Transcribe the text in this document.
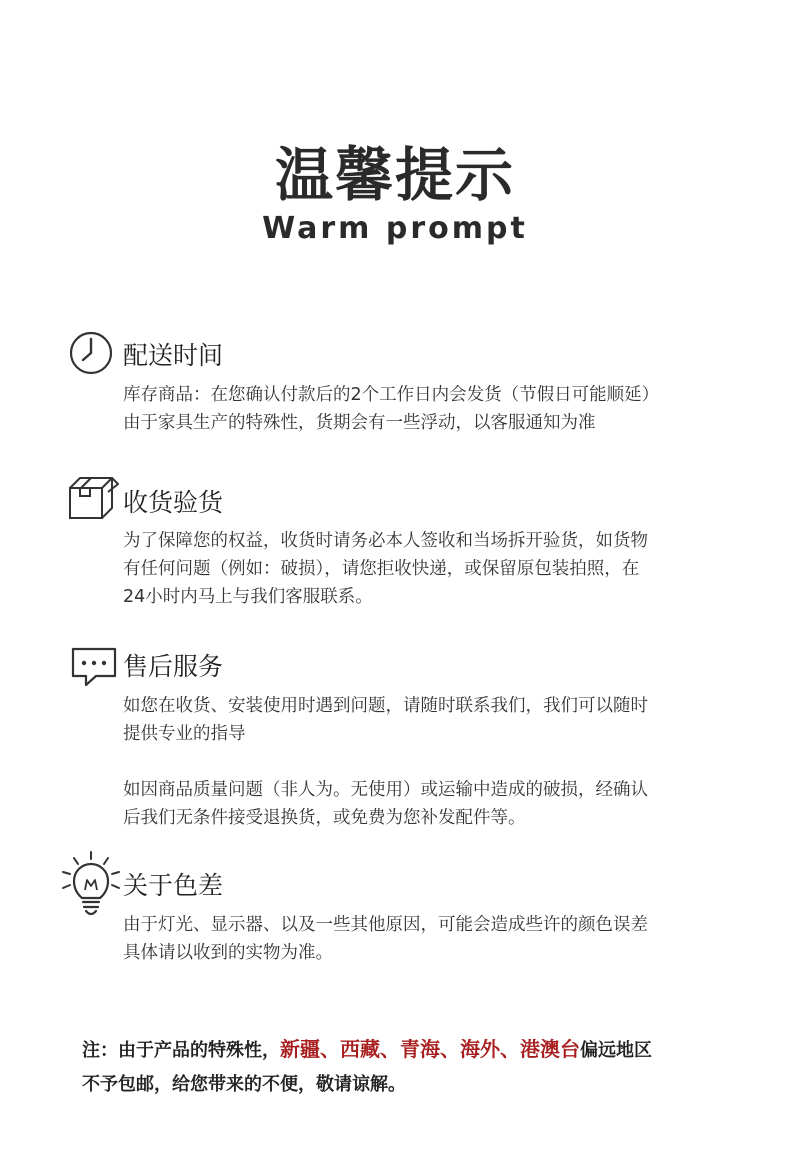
温馨提示
Warm prompt
配送时间

库存商品：在您确认付款后的2个工作日内会发货（节假日可能顺延）

由于家具生产的特殊性，货期会有一些浮动，以客服通知为准

收货验货

为了保障您的权益，收货时请务必本人签收和当场拆开验货，如货物

有任何问题（例如：破损），请您拒收快递，或保留原包装拍照，在

24小时内马上与我们客服联系。

售后服务

如您在收货、安装使用时遇到问题，请随时联系我们，我们可以随时

提供专业的指导

如因商品质量问题（非人为。无使用）或运输中造成的破损，经确认

后我们无条件接受退换货，或免费为您补发配件等。

关于色差

由于灯光、显示器、以及一些其他原因，可能会造成些许的颜色误差

具体请以收到的实物为准。

注：由于产品的特殊性，新疆、西藏、青海、海外、港澳台偏远地区
不予包邮，给您带来的不便，敬请谅解。
